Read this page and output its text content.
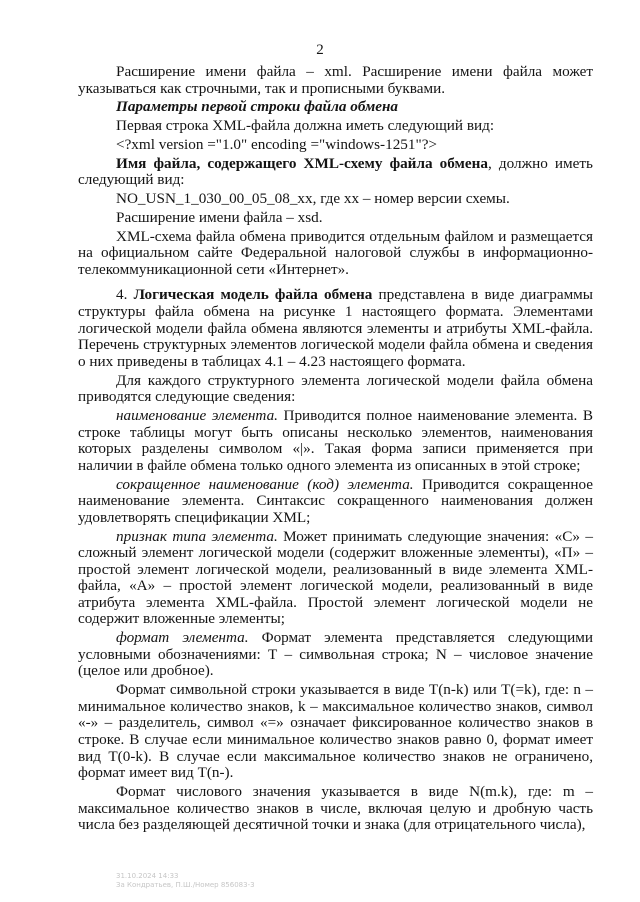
2

Расширение имени файла – xml. Расширение имени файла может указываться как строчными, так и прописными буквами.

Параметры первой строки файла обмена

Первая строка XML-файла должна иметь следующий вид:

<?xml version ="1.0" encoding ="windows-1251"?>

Имя файла, содержащего XML-схему файла обмена, должно иметь следующий вид:

NO_USN_1_030_00_05_08_xx, где хх – номер версии схемы.

Расширение имени файла – xsd.

XML-схема файла обмена приводится отдельным файлом и размещается на официальном сайте Федеральной налоговой службы в информационно-телекоммуникационной сети «Интернет».

4. Логическая модель файла обмена представлена в виде диаграммы структуры файла обмена на рисунке 1 настоящего формата. Элементами логической модели файла обмена являются элементы и атрибуты XML-файла. Перечень структурных элементов логической модели файла обмена и сведения о них приведены в таблицах 4.1 – 4.23 настоящего формата.

Для каждого структурного элемента логической модели файла обмена приводятся следующие сведения:

наименование элемента. Приводится полное наименование элемента. В строке таблицы могут быть описаны несколько элементов, наименования которых разделены символом «|». Такая форма записи применяется при наличии в файле обмена только одного элемента из описанных в этой строке;

сокращенное наименование (код) элемента. Приводится сокращенное наименование элемента. Синтаксис сокращенного наименования должен удовлетворять спецификации XML;

признак типа элемента. Может принимать следующие значения: «С» – сложный элемент логической модели (содержит вложенные элементы), «П» – простой элемент логической модели, реализованный в виде элемента XML-файла, «А» – простой элемент логической модели, реализованный в виде атрибута элемента XML-файла. Простой элемент логической модели не содержит вложенные элементы;

формат элемента. Формат элемента представляется следующими условными обозначениями: Т – символьная строка; N – числовое значение (целое или дробное).

Формат символьной строки указывается в виде T(n-k) или T(=k), где: n – минимальное количество знаков, k – максимальное количество знаков, символ «-» – разделитель, символ «=» означает фиксированное количество знаков в строке. В случае если минимальное количество знаков равно 0, формат имеет вид T(0-k). В случае если максимальное количество знаков не ограничено, формат имеет вид T(n-).

Формат числового значения указывается в виде N(m.k), где: m – максимальное количество знаков в числе, включая целую и дробную часть числа без разделяющей десятичной точки и знака (для отрицательного числа),

31.10.2024 14:33
За Кондратьев, П.Ш./Номер 856083-3
